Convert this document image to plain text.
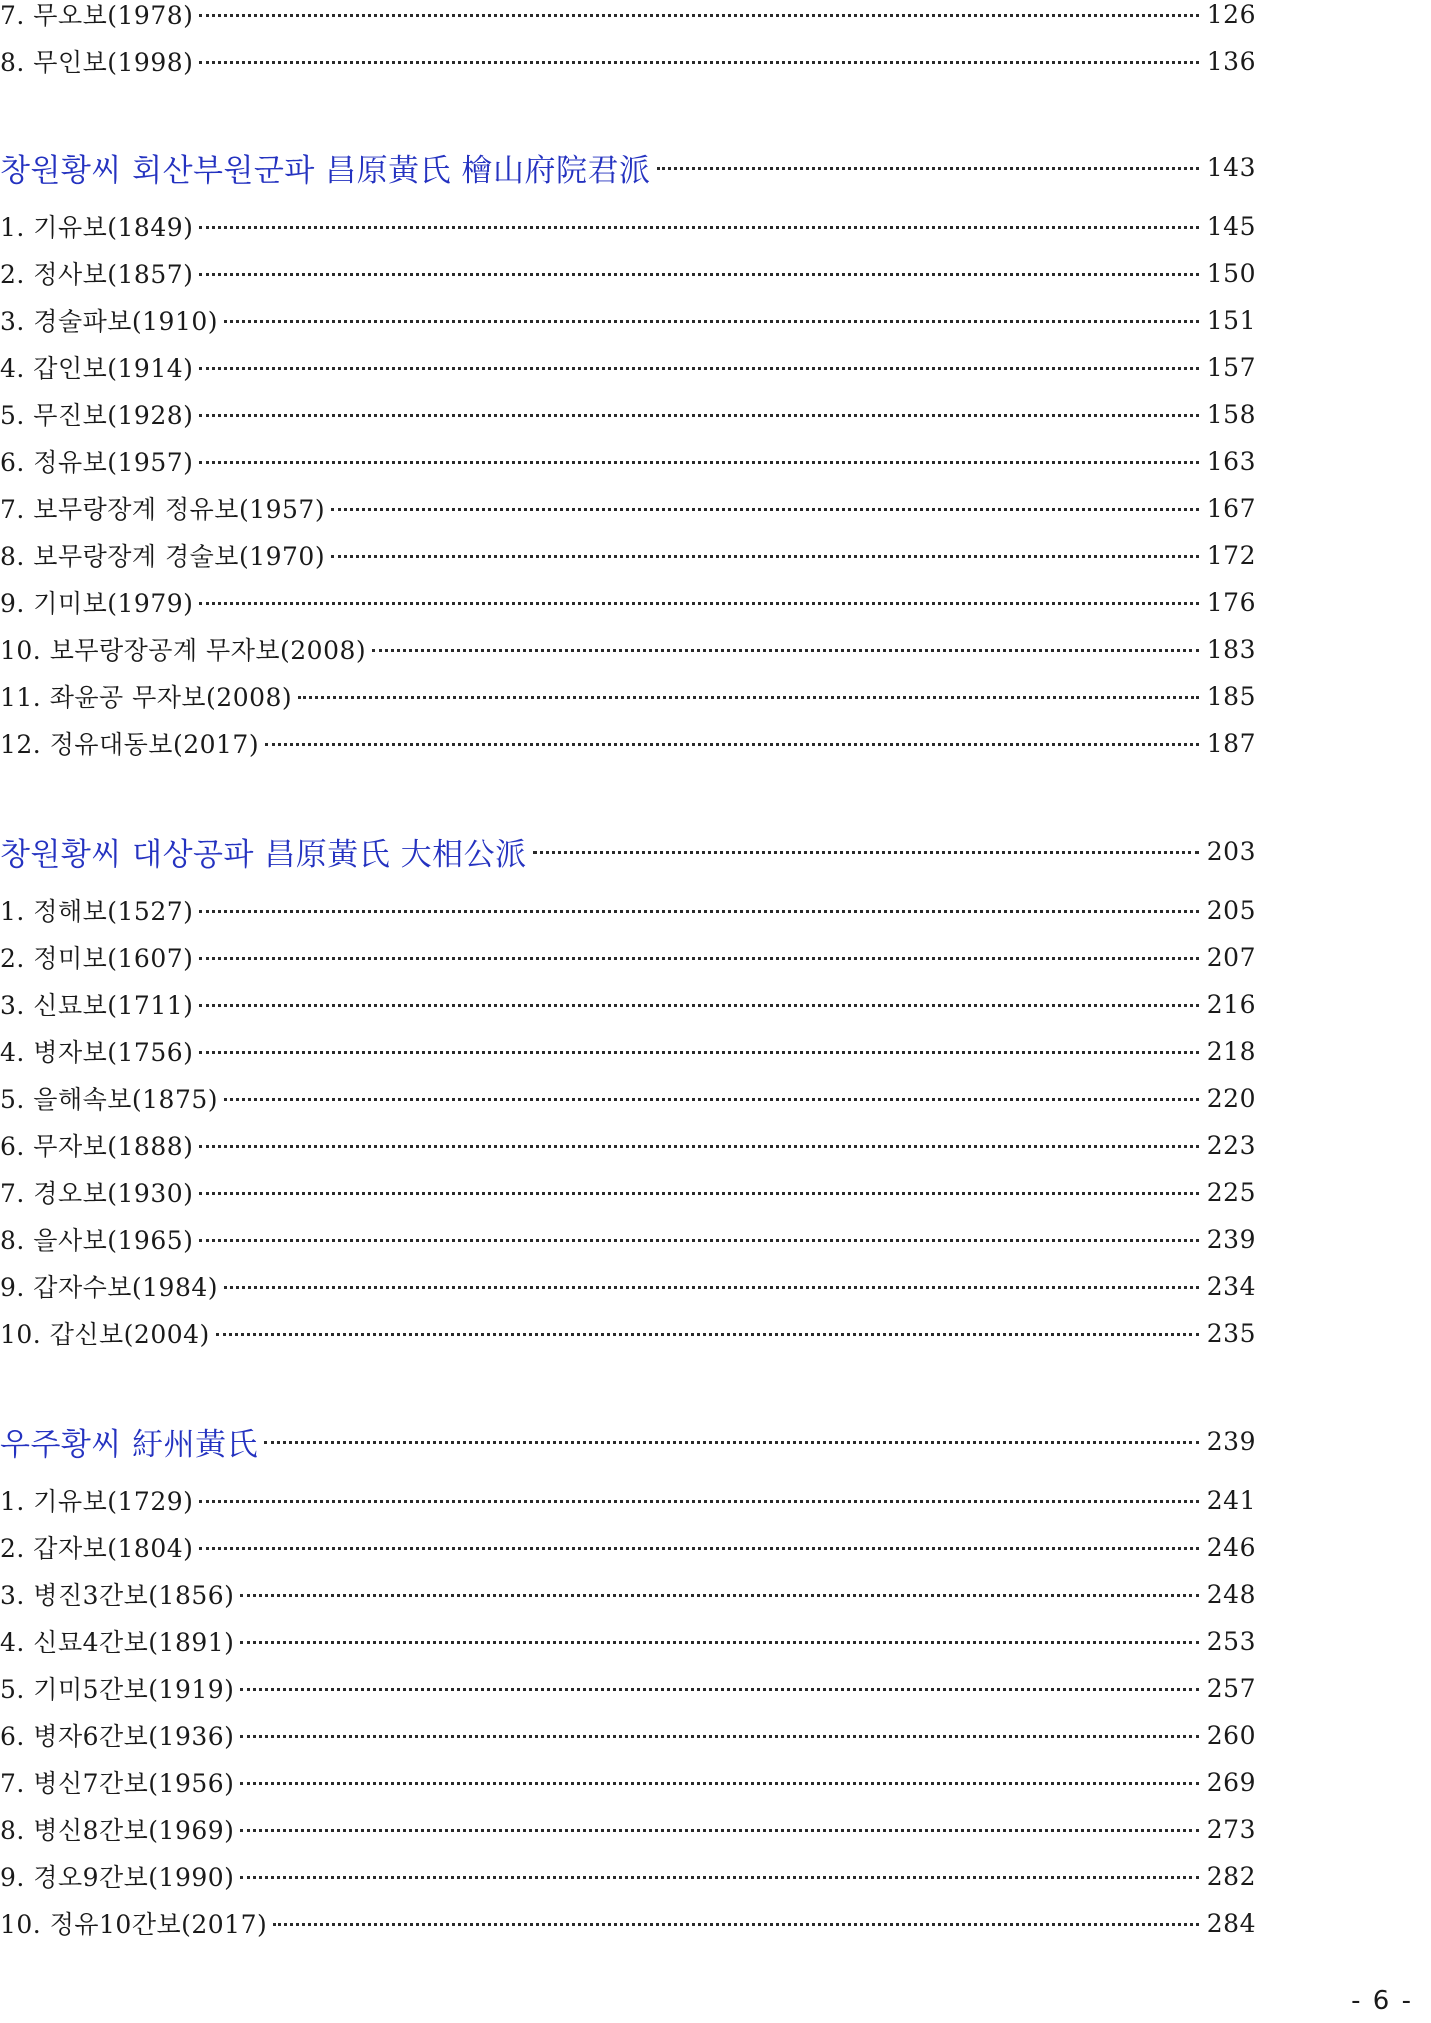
7. 무오보(1978)	126
8. 무인보(1998)	136
창원황씨 회산부원군파 昌原黃氏 檜山府院君派	143
1. 기유보(1849)	145
2. 정사보(1857)	150
3. 경술파보(1910)	151
4. 갑인보(1914)	157
5. 무진보(1928)	158
6. 정유보(1957)	163
7. 보무랑장계 정유보(1957)	167
8. 보무랑장계 경술보(1970)	172
9. 기미보(1979)	176
10. 보무랑장공계 무자보(2008)	183
11. 좌윤공 무자보(2008)	185
12. 정유대동보(2017)	187
창원황씨 대상공파 昌原黃氏 大相公派	203
1. 정해보(1527)	205
2. 정미보(1607)	207
3. 신묘보(1711)	216
4. 병자보(1756)	218
5. 을해속보(1875)	220
6. 무자보(1888)	223
7. 경오보(1930)	225
8. 을사보(1965)	239
9. 갑자수보(1984)	234
10. 갑신보(2004)	235
우주황씨 紆州黃氏	239
1. 기유보(1729)	241
2. 갑자보(1804)	246
3. 병진3간보(1856)	248
4. 신묘4간보(1891)	253
5. 기미5간보(1919)	257
6. 병자6간보(1936)	260
7. 병신7간보(1956)	269
8. 병신8간보(1969)	273
9. 경오9간보(1990)	282
10. 정유10간보(2017)	284
- 6 -
